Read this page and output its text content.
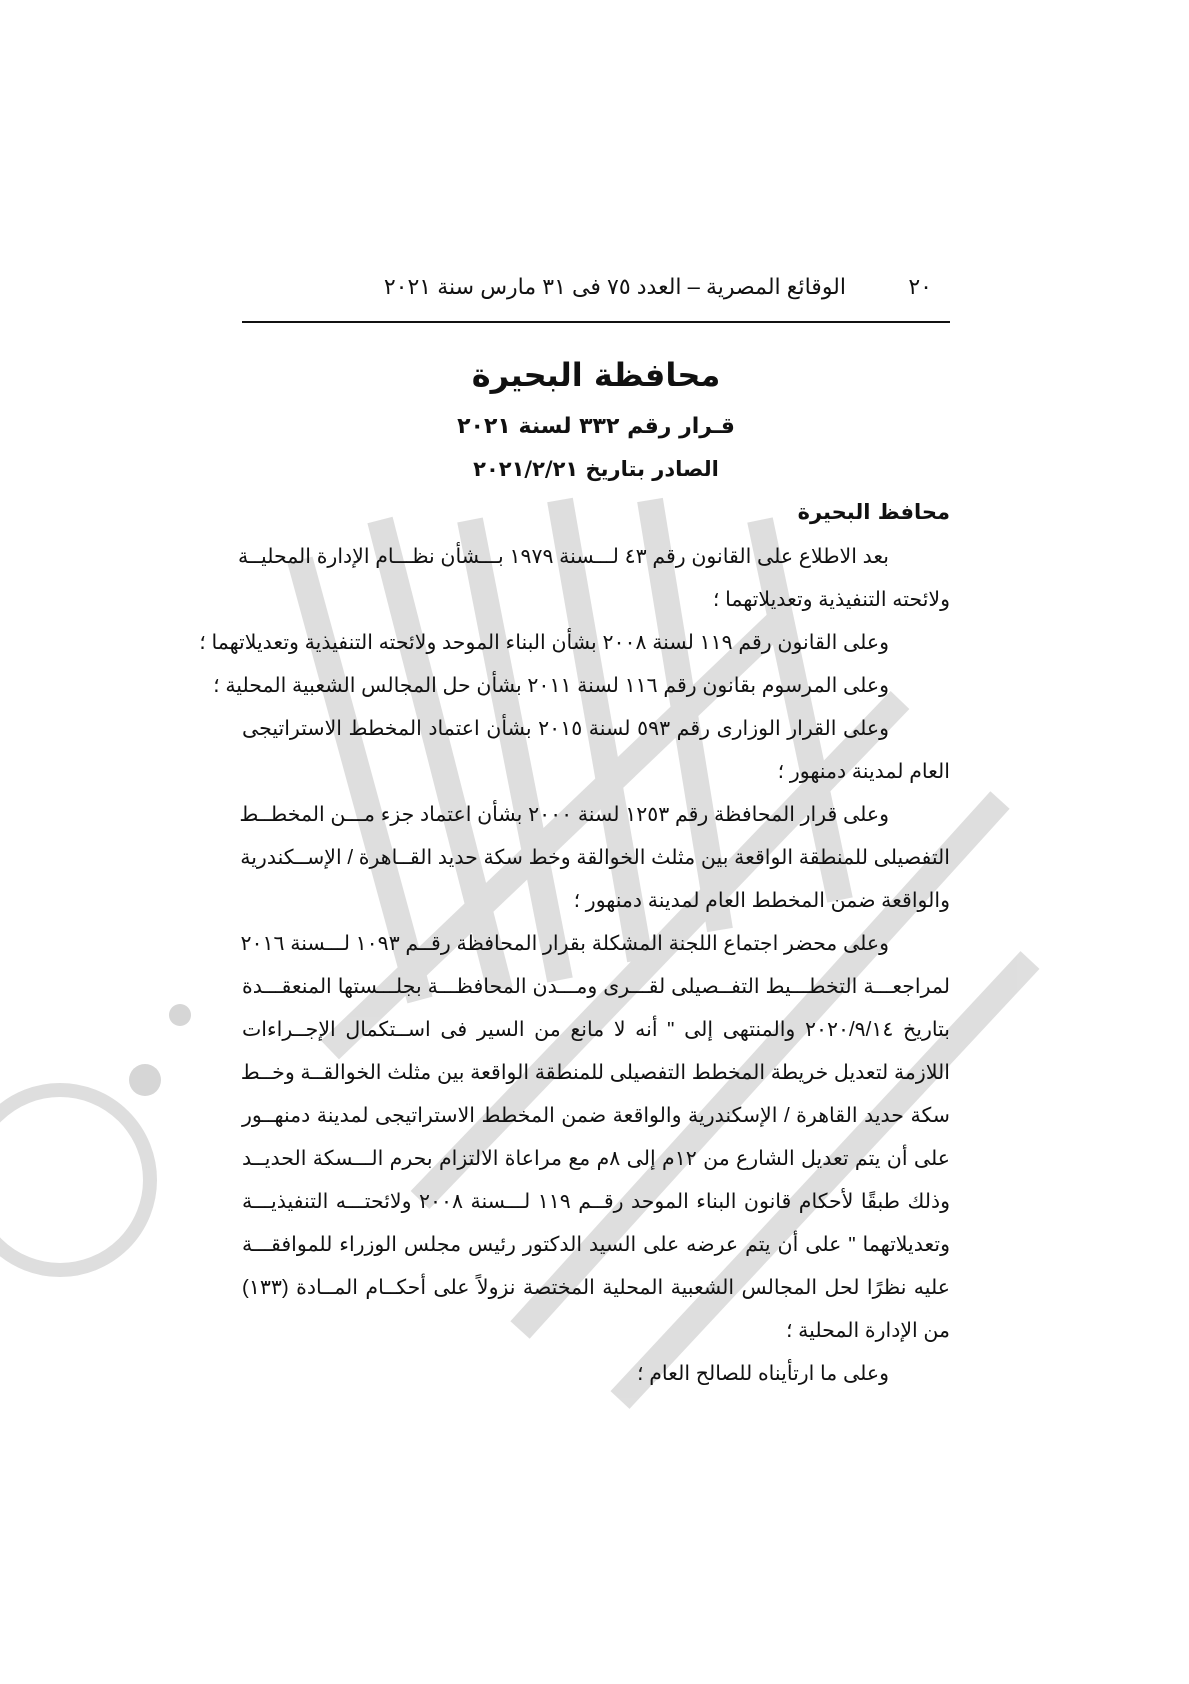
٢٠
الوقائع المصرية – العدد ٧٥ فى ٣١ مارس سنة ٢٠٢١
محافظة البحيرة
قـرار رقم ٣٣٢ لسنة ٢٠٢١
الصادر بتاريخ ٢٠٢١/٢/٢١
محافظ البحيرة
بعد الاطلاع على القانون رقم ٤٣ لـــسنة ١٩٧٩ بـــشأن نظـــام الإدارة المحليــة
ولائحته التنفيذية وتعديلاتهما ؛
وعلى القانون رقم ١١٩ لسنة ٢٠٠٨ بشأن البناء الموحد ولائحته التنفيذية وتعديلاتهما ؛
وعلى المرسوم بقانون رقم ١١٦ لسنة ٢٠١١ بشأن حل المجالس الشعبية المحلية ؛
وعلى القرار الوزارى رقم ٥٩٣ لسنة ٢٠١٥ بشأن اعتماد المخطط الاستراتيجى
العام لمدينة دمنهور ؛
وعلى قرار المحافظة رقم ١٢٥٣ لسنة ٢٠٠٠ بشأن اعتماد جزء مـــن المخطــط
التفصيلى للمنطقة الواقعة بين مثلث الخوالقة وخط سكة حديد القــاهرة / الإســكندرية
والواقعة ضمن المخطط العام لمدينة دمنهور ؛
وعلى محضر اجتماع اللجنة المشكلة بقرار المحافظة رقــم ١٠٩٣ لـــسنة ٢٠١٦
لمراجعـــة التخطـــيط التفــصيلى لقـــرى ومـــدن المحافظـــة بجلـــستها المنعقـــدة
بتاريخ ٢٠٢٠/٩/١٤ والمنتهى إلى " أنه لا مانع من السير فى اســتكمال الإجــراءات
اللازمة لتعديل خريطة المخطط التفصيلى للمنطقة الواقعة بين مثلث الخوالقــة وخــط
سكة حديد القاهرة / الإسكندرية والواقعة ضمن المخطط الاستراتيجى لمدينة دمنهــور
على أن يتم تعديل الشارع من ١٢م إلى ٨م مع مراعاة الالتزام بحرم الـــسكة الحديــد
وذلك طبقًا لأحكام قانون البناء الموحد رقــم ١١٩ لـــسنة ٢٠٠٨ ولائحتـــه التنفيذيـــة
وتعديلاتهما " على أن يتم عرضه على السيد الدكتور رئيس مجلس الوزراء للموافقـــة
عليه نظرًا لحل المجالس الشعبية المحلية المختصة نزولاً على أحكــام المــادة (١٣٣)
من الإدارة المحلية ؛
وعلى ما ارتأيناه للصالح العام ؛
